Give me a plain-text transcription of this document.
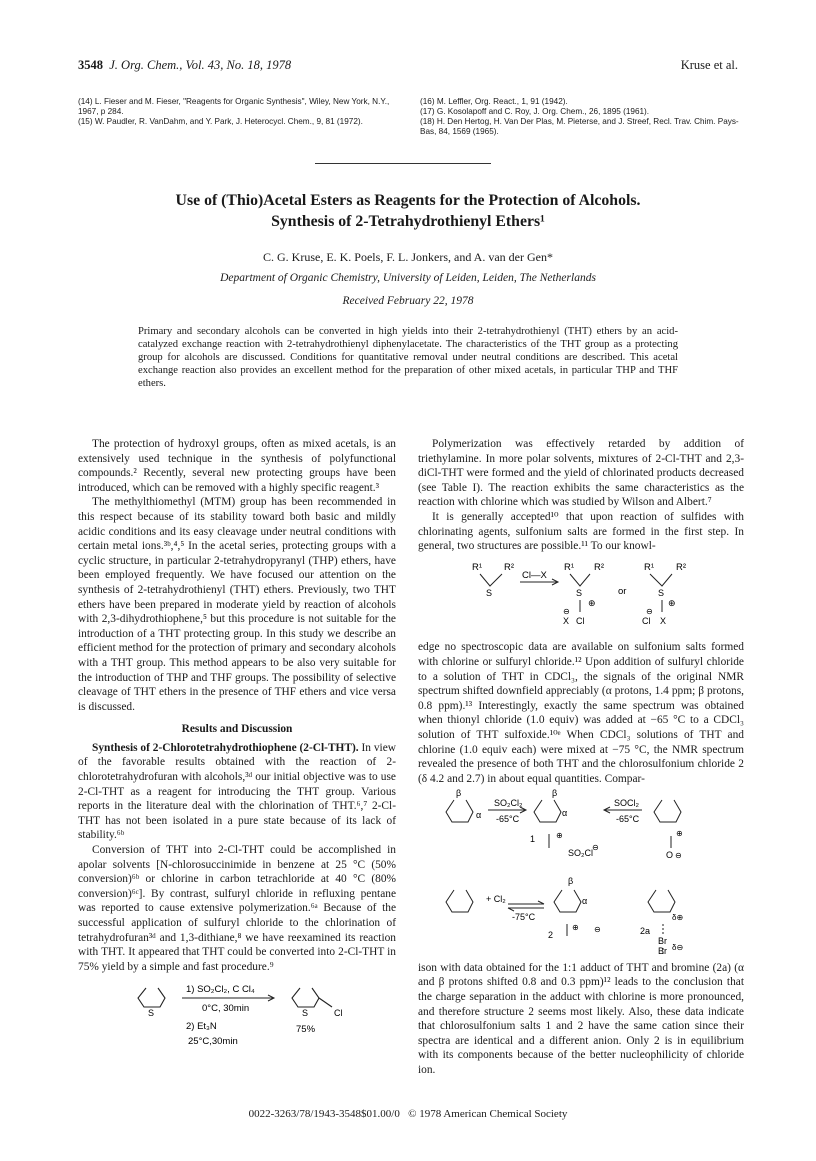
3548 J. Org. Chem., Vol. 43, No. 18, 1978	Kruse et al.

(14) L. Fieser and M. Fieser, "Reagents for Organic Synthesis", Wiley, New York, N.Y., 1967, p 284.

(15) W. Paudler, R. VanDahm, and Y. Park, J. Heterocycl. Chem., 9, 81 (1972).

(16) M. Leffler, Org. React., 1, 91 (1942).

(17) G. Kosolapoff and C. Roy, J. Org. Chem., 26, 1895 (1961).

(18) H. Den Hertog, H. Van Der Plas, M. Pieterse, and J. Streef, Recl. Trav. Chim. Pays-Bas, 84, 1569 (1965).

Use of (Thio)Acetal Esters as Reagents for the Protection of Alcohols.
Synthesis of 2-Tetrahydrothienyl Ethers¹
C. G. Kruse, E. K. Poels, F. L. Jonkers, and A. van der Gen*
Department of Organic Chemistry, University of Leiden, Leiden, The Netherlands
Received February 22, 1978
Primary and secondary alcohols can be converted in high yields into their 2-tetrahydrothienyl (THT) ethers by an acid-catalyzed exchange reaction with 2-tetrahydrothienyl diphenylacetate. The characteristics of the THT group as a protecting group for alcohols are discussed. Conditions for quantitative removal under neutral conditions are described. This acetal exchange reaction also provides an excellent method for the preparation of other mixed acetals, in particular THP and THF ethers.

The protection of hydroxyl groups, often as mixed acetals, is an extensively used technique in the synthesis of polyfunctional compounds.² Recently, several new protecting groups have been introduced, which can be removed with a highly specific reagent.³

The methylthiomethyl (MTM) group has been recommended in this respect because of its stability toward both basic and mildly acidic conditions and its easy cleavage under neutral conditions with certain metal ions.³ᵇ,⁴,⁵ In the acetal series, protecting groups with a cyclic structure, in particular 2-tetrahydropyranyl (THP) ethers, have been employed frequently. We have focused our attention on the synthesis of 2-tetrahydrothienyl (THT) ethers. Previously, two THT ethers have been prepared in moderate yield by reaction of alcohols with 2,3-dihydrothiophene,⁵ but this procedure is not suitable for the introduction of a THT protecting group. In this study we describe an efficient method for the protection of primary and secondary alcohols with a THT group. This method appears to be also very suitable for the introduction of THP and THF groups. The possibility of selective cleavage of THT ethers in the presence of THF ethers and vice versa is discussed.

Results and Discussion

Synthesis of 2-Chlorotetrahydrothiophene (2-Cl-THT). In view of the favorable results obtained with the reaction of 2-chlorotetrahydrofuran with alcohols,³ᵈ our initial objective was to use 2-Cl-THT as a reagent for introducing the THT group. Various reports in the literature deal with the chlorination of THT.⁶,⁷ 2-Cl-THT has not been isolated in a pure state because of its lack of stability.⁶ᵇ

Conversion of THT into 2-Cl-THT could be accomplished in apolar solvents [N-chlorosuccinimide in benzene at 25 °C (50% conversion)⁶ᵇ or chlorine in carbon tetrachloride at 40 °C (80% conversion)⁶ᶜ]. By contrast, sulfuryl chloride in refluxing pentane was reported to cause extensive polymerization.⁶ᵃ Because of the successful application of sulfuryl chloride to the chlorination of tetrahydrofuran³ᵈ and 1,3-dithiane,⁸ we have reexamined its reaction with THT. It appeared that THT could be converted into 2-Cl-THT in 75% yield by a simple and fast procedure.⁹

S
1) SO₂Cl₂, C Cl₄
0°C, 30min
2) Et₃N
25°C,30min
S	Cl
75%

Polymerization was effectively retarded by addition of triethylamine. In more polar solvents, mixtures of 2-Cl-THT and 2,3-diCl-THT were formed and the yield of chlorinated products decreased (see Table I). The reaction exhibits the same characteristics as the reaction with chlorine which was studied by Wilson and Albert.⁷

It is generally accepted¹⁰ that upon reaction of sulfides with chlorinating agents, sulfonium salts are formed in the first step. In general, two structures are possible.¹¹ To our knowl-

R¹ R²
S
Cl—X
R¹ R²
S
⊕
X
⊖
Cl
or
R¹ R²
S
⊕
Cl
⊖
X

edge no spectroscopic data are available on sulfonium salts formed with chlorine or sulfuryl chloride.¹² Upon addition of sulfuryl chloride to a solution of THT in CDCl₃, the signals of the original NMR spectrum shifted downfield appreciably (α protons, 1.4 ppm; β protons, 0.8 ppm).¹³ Interestingly, exactly the same spectrum was obtained when thionyl chloride (1.0 equiv) was added at −65 °C to a CDCl₃ solution of THT sulfoxide.¹⁰ᵉ When CDCl₃ solutions of THT and chlorine (1.0 equiv each) were mixed at −75 °C, the NMR spectrum revealed the presence of both THT and the chlorosulfonium chloride 2 (δ 4.2 and 2.7) in about equal quantities. Compar-

β
α
SO₂Cl₂
-65°C
β
α
⊕
1
SO₂Cl
⊖
SOCl₂
-65°C
⊕
O ⊖
+ Cl₂
-75°C
β
α
⊕
2
⊖
δ⊕
2a
Br
Br δ⊖

ison with data obtained for the 1:1 adduct of THT and bromine (2a) (α and β protons shifted 0.8 and 0.3 ppm)¹² leads to the conclusion that the charge separation in the adduct with chlorine is more pronounced, and therefore structure 2 seems most likely. Also, these data indicate that chlorosulfonium salts 1 and 2 have the same cation since their spectra are identical and a different anion. Only 2 is in equilibrium with its components because of the better nucleophilicity of chloride ion.

0022-3263/78/1943-3548$01.00/0 © 1978 American Chemical Society
